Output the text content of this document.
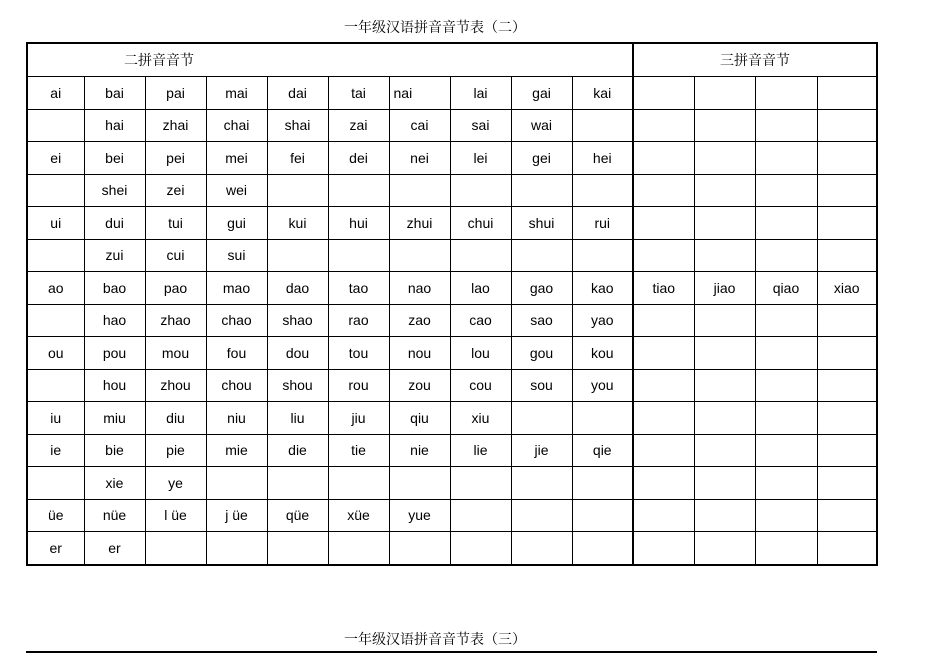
一年级汉语拼音音节表（二）
二拼音音节										三拼音音节			
ai	bai	pai	mai	dai	tai	nai	lai	gai	kai				
	hai	zhai	chai	shai	zai	cai	sai	wai					
ei	bei	pei	mei	fei	dei	nei	lei	gei	hei				
	shei	zei	wei										
ui	dui	tui	gui	kui	hui	zhui	chui	shui	rui				
	zui	cui	sui										
ao	bao	pao	mao	dao	tao	nao	lao	gao	kao	tiao	jiao	qiao	xiao
	hao	zhao	chao	shao	rao	zao	cao	sao	yao				
ou	pou	mou	fou	dou	tou	nou	lou	gou	kou				
	hou	zhou	chou	shou	rou	zou	cou	sou	you				
iu	miu	diu	niu	liu	jiu	qiu	xiu						
ie	bie	pie	mie	die	tie	nie	lie	jie	qie				
	xie	ye											
üe	nüe	l üe	j üe	qüe	xüe	yue							
er	er												
一年级汉语拼音音节表（三）
